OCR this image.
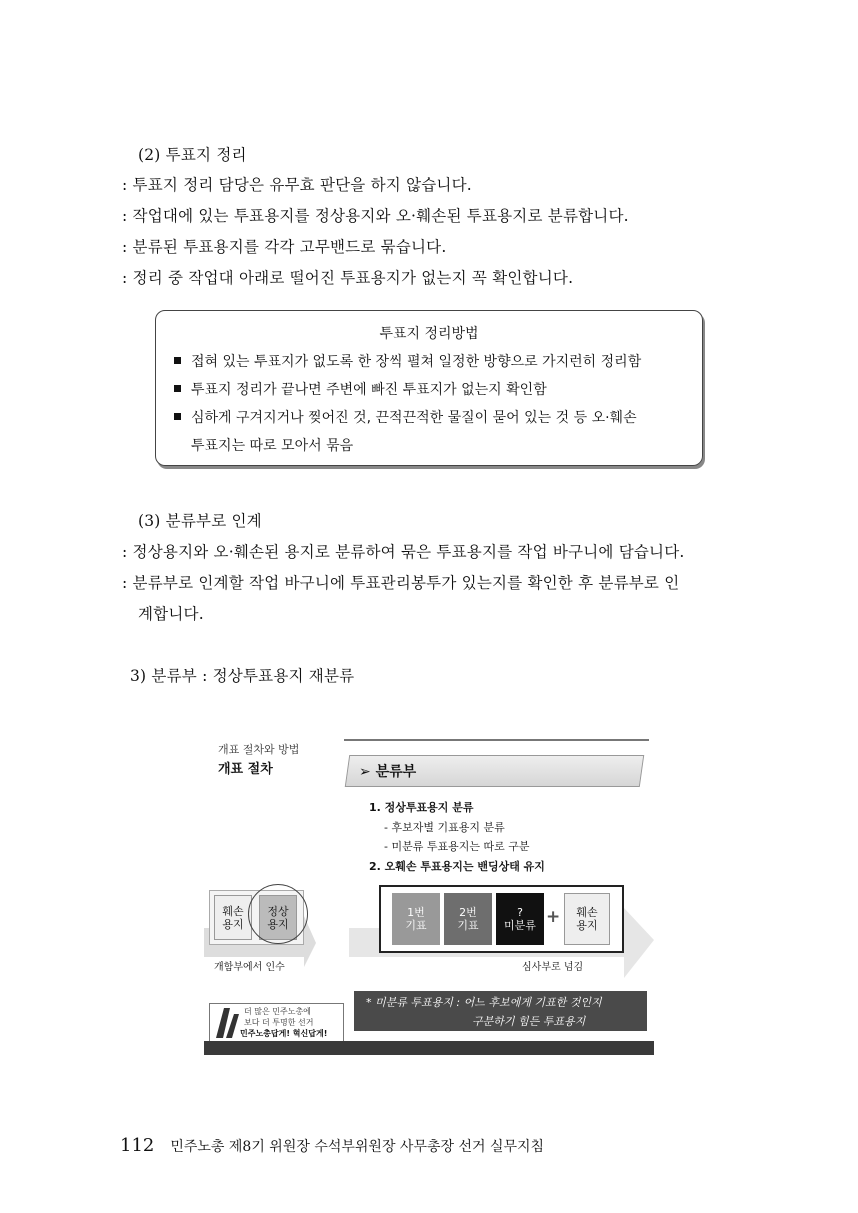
(2) 투표지 정리
: 투표지 정리 담당은 유무효 판단을 하지 않습니다.
: 작업대에 있는 투표용지를 정상용지와 오·훼손된 투표용지로 분류합니다.
: 분류된 투표용지를 각각 고무밴드로 묶습니다.
: 정리 중 작업대 아래로 떨어진 투표용지가 없는지 꼭 확인합니다.
투표지 정리방법
접혀 있는 투표지가 없도록 한 장씩 펼쳐 일정한 방향으로 가지런히 정리함
투표지 정리가 끝나면 주변에 빠진 투표지가 없는지 확인함
심하게 구겨지거나 찢어진 것, 끈적끈적한 물질이 묻어 있는 것 등 오·훼손
투표지는 따로 모아서 묶음
(3) 분류부로 인계
: 정상용지와 오·훼손된 용지로 분류하여 묶은 투표용지를 작업 바구니에 담습니다.
: 분류부로 인계할 작업 바구니에 투표관리봉투가 있는지를 확인한 후 분류부로 인
계합니다.
3) 분류부 : 정상투표용지 재분류
개표 절차와 방법
개표 절차	➢ 분류부
1. 정상투표용지 분류
- 후보자별 기표용지 분류
- 미분류 투표용지는 따로 구분
2. 오훼손 투표용지는 밴딩상태 유지
훼손
용지
정상
용지
개함부에서 인수
1번
기표
2번
기표
?
미분류 +	훼손
용지
심사부로 넘김
더 많은 민주노총에
보다 더 투명한 선거
민주노총답게! 혁신답게!
* 미분류 투표용지 : 어느 후보에게 기표한 것인지
구분하기 힘든 투표용지
112 민주노총 제8기 위원장 수석부위원장 사무총장 선거 실무지침
